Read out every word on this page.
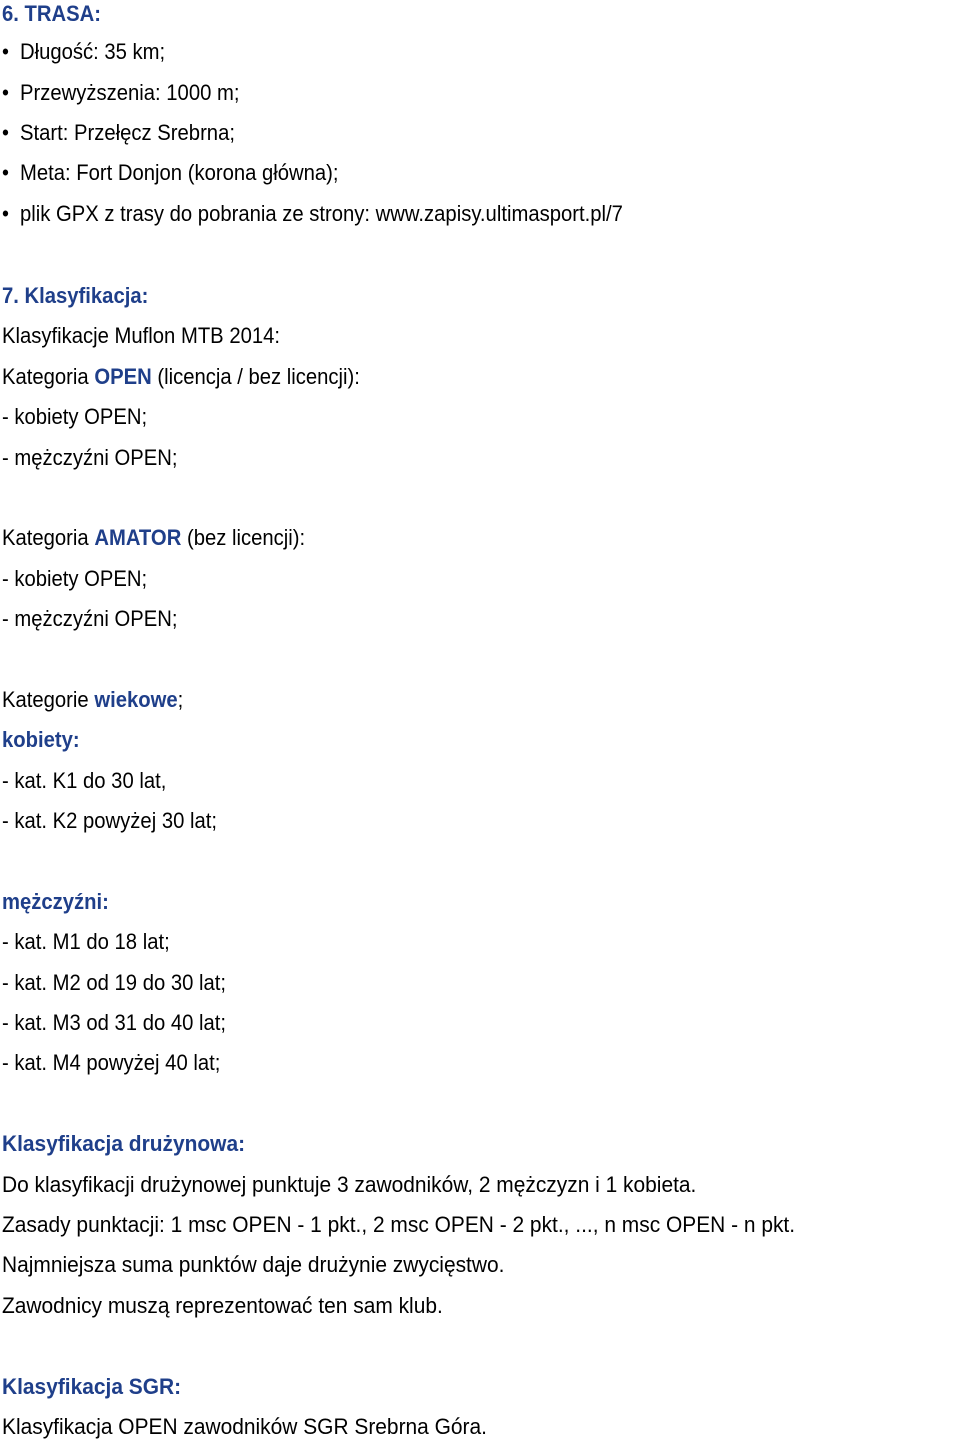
6. TRASA:
• Długość: 35 km;
• Przewyższenia: 1000 m;
• Start: Przełęcz Srebrna;
• Meta: Fort Donjon (korona główna);
• plik GPX z trasy do pobrania ze strony: www.zapisy.ultimasport.pl/7
7. Klasyfikacja:
Klasyfikacje Muflon MTB 2014:
Kategoria OPEN (licencja / bez licencji):
- kobiety OPEN;
- mężczyźni OPEN;
Kategoria AMATOR (bez licencji):
- kobiety OPEN;
- mężczyźni OPEN;
Kategorie wiekowe;
kobiety:
- kat. K1 do 30 lat,
- kat. K2 powyżej 30 lat;
mężczyźni:
- kat. M1 do 18 lat;
- kat. M2 od 19 do 30 lat;
- kat. M3 od 31 do 40 lat;
- kat. M4 powyżej 40 lat;
Klasyfikacja drużynowa:
Do klasyfikacji drużynowej punktuje 3 zawodników, 2 mężczyzn i 1 kobieta.
Zasady punktacji: 1 msc OPEN - 1 pkt., 2 msc OPEN - 2 pkt., ..., n msc OPEN - n pkt.
Najmniejsza suma punktów daje drużynie zwycięstwo.
Zawodnicy muszą reprezentować ten sam klub.
Klasyfikacja SGR:
Klasyfikacja OPEN zawodników SGR Srebrna Góra.
